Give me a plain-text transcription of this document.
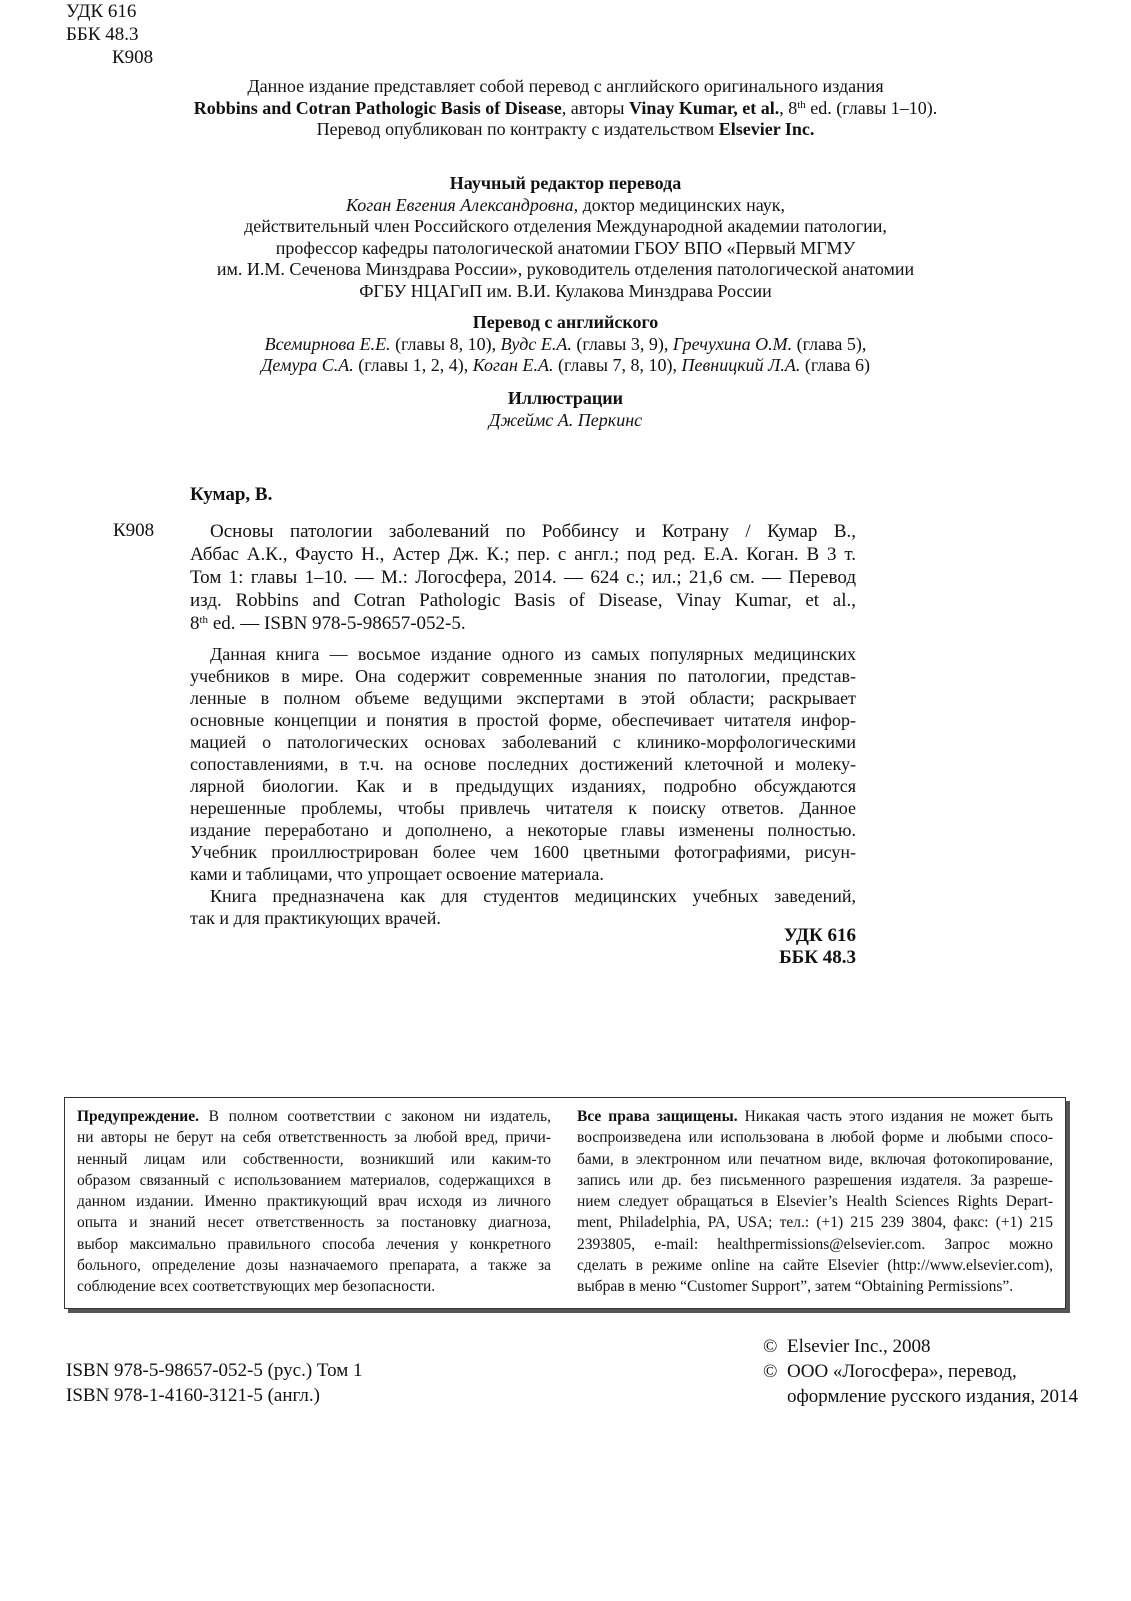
УДК 616
ББК 48.3
К908
Данное издание представляет собой перевод с английского оригинального издания
Robbins and Cotran Pathologic Basis of Disease, авторы Vinay Kumar, et al., 8th ed. (главы 1–10).
Перевод опубликован по контракту с издательством Elsevier Inc.
Научный редактор перевода
Коган Евгения Александровна, доктор медицинских наук,
действительный член Российского отделения Международной академии патологии,
профессор кафедры патологической анатомии ГБОУ ВПО «Первый МГМУ
им. И.М. Сеченова Минздрава России», руководитель отделения патологической анатомии
ФГБУ НЦАГиП им. В.И. Кулакова Минздрава России
Перевод с английского
Всемирнова Е.Е. (главы 8, 10), Вудс Е.А. (главы 3, 9), Гречухина О.М. (глава 5),
Демура С.А. (главы 1, 2, 4), Коган Е.А. (главы 7, 8, 10), Певницкий Л.А. (глава 6)
Иллюстрации
Джеймс А. Перкинс
Кумар, В.
К908	Основы патологии заболеваний по Роббинсу и Котрану / Кумар В.,
Аббас А.К., Фаусто Н., Астер Дж. К.; пер. с англ.; под ред. Е.А. Коган. В 3 т.
Том 1: главы 1–10. — М.: Логосфера, 2014. — 624 с.; ил.; 21,6 см. — Перевод
изд. Robbins and Cotran Pathologic Basis of Disease, Vinay Kumar, et al.,
8th ed. — ISBN 978-5-98657-052-5.
Данная книга — восьмое издание одного из самых популярных медицинских
учебников в мире. Она содержит современные знания по патологии, представ-
ленные в полном объеме ведущими экспертами в этой области; раскрывает
основные концепции и понятия в простой форме, обеспечивает читателя инфор-
мацией о патологических основах заболеваний с клинико-морфологическими
сопоставлениями, в т.ч. на основе последних достижений клеточной и молеку-
лярной биологии. Как и в предыдущих изданиях, подробно обсуждаются
нерешенные проблемы, чтобы привлечь читателя к поиску ответов. Данное
издание переработано и дополнено, а некоторые главы изменены полностью.
Учебник проиллюстрирован более чем 1600 цветными фотографиями, рисун-
ками и таблицами, что упрощает освоение материала.
Книга предназначена как для студентов медицинских учебных заведений,
так и для практикующих врачей.
УДК 616
ББК 48.3
Предупреждение. В полном соответствии с законом ни издатель,
ни авторы не берут на себя ответственность за любой вред, причи-
ненный лицам или собственности, возникший или каким-то
образом связанный с использованием материалов, содержащихся в
данном издании. Именно практикующий врач исходя из личного
опыта и знаний несет ответственность за постановку диагноза,
выбор максимально правильного способа лечения у конкретного
больного, определение дозы назначаемого препарата, а также за
соблюдение всех соответствующих мер безопасности.
Все права защищены. Никакая часть этого издания не может быть
воспроизведена или использована в любой форме и любыми спосо-
бами, в электронном или печатном виде, включая фотокопирование,
запись или др. без письменного разрешения издателя. За разреше-
нием следует обращаться в Elsevier’s Health Sciences Rights Depart-
ment, Philadelphia, PA, USA; тел.: (+1) 215 239 3804, факс: (+1) 215
2393805, e-mail: healthpermissions@elsevier.com. Запрос можно
сделать в режиме online на сайте Elsevier (http://www.elsevier.com),
выбрав в меню “Customer Support”, затем “Obtaining Permissions”.
ISBN 978-5-98657-052-5 (рус.) Том 1
ISBN 978-1-4160-3121-5 (англ.)
© Elsevier Inc., 2008
© ООО «Логосфера», перевод,
оформление русского издания, 2014
